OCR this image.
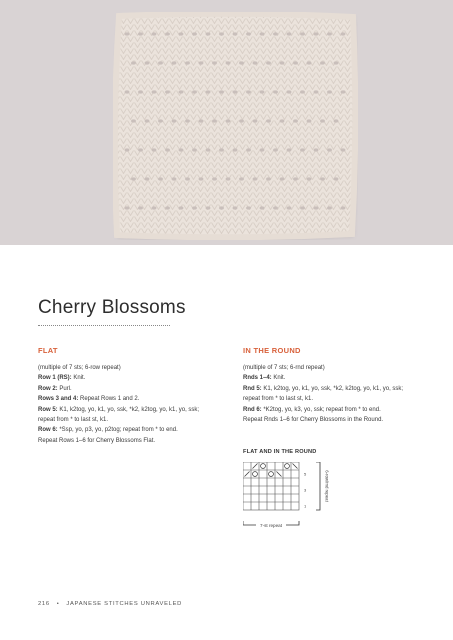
Cherry Blossoms
FLAT

(multiple of 7 sts; 6-row repeat)

Row 1 (RS): Knit.

Row 2: Purl.

Rows 3 and 4: Repeat Rows 1 and 2.

Row 5: K1, k2tog, yo, k1, yo, ssk, *k2, k2tog, yo, k1, yo, ssk;

repeat from * to last st, k1.

Row 6: *Ssp, yo, p3, yo, p2tog; repeat from * to end.

Repeat Rows 1–6 for Cherry Blossoms Flat.

IN THE ROUND

(multiple of 7 sts; 6-rnd repeat)

Rnds 1–4: Knit.

Rnd 5: K1, k2tog, yo, k1, yo, ssk, *k2, k2tog, yo, k1, yo, ssk;

repeat from * to last st, k1.

Rnd 6: *K2tog, yo, k3, yo, ssk; repeat from * to end.

Repeat Rnds 1–6 for Cherry Blossoms in the Round.

FLAT AND IN THE ROUND
5
3
1
6-row/rnd repeat
7-st repeat
216 • JAPANESE STITCHES UNRAVELED
